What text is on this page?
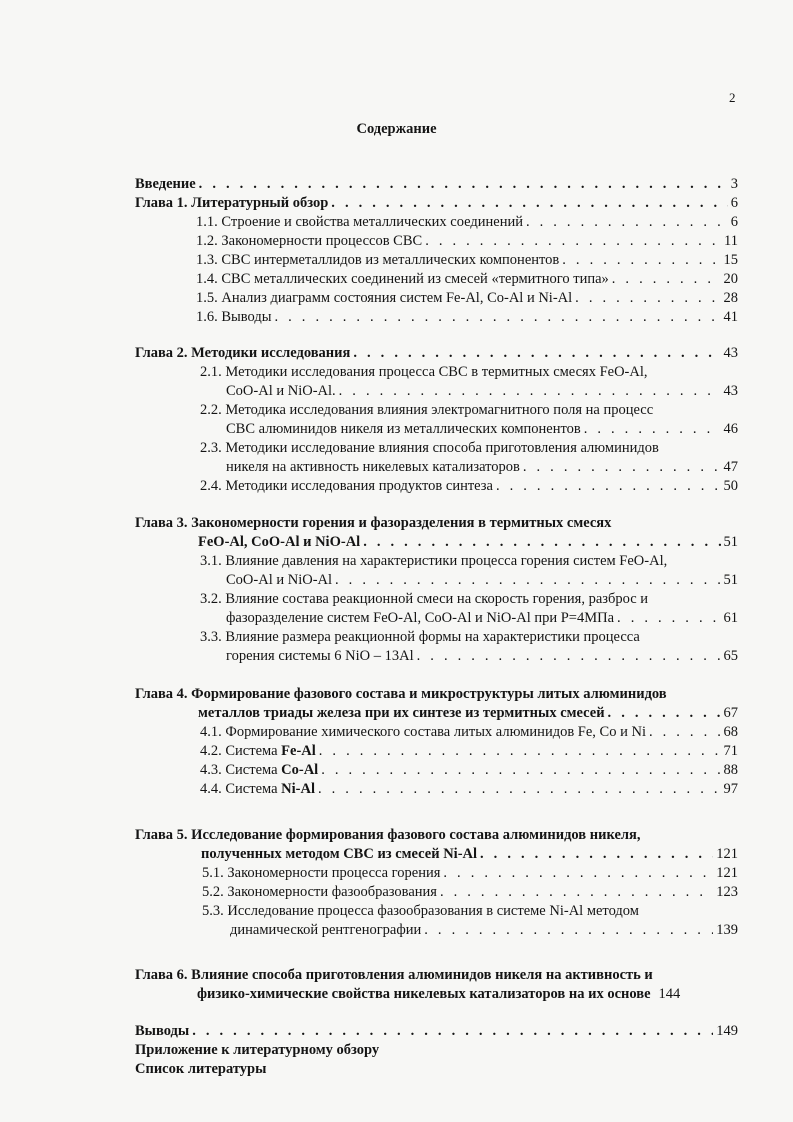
2
Содержание
Введение . . .	3
Глава 1. Литературный обзор . . .	6
1.1. Строение и свойства металлических соединений . . .	6
1.2. Закономерности процессов СВС . . .	11
1.3. СВС интерметаллидов из металлических компонентов . . .	15
1.4. СВС металлических соединений из смесей «термитного типа» . . .	20
1.5. Анализ диаграмм состояния систем Fe-Al, Co-Al и Ni-Al . . .	28
1.6. Выводы . . .	41
Глава 2. Методики исследования . . .	43
2.1. Методики исследования процесса СВС в термитных смесях FeO-Al,
CoO-Al и NiO-Al. . . .	43
2.2. Методика исследования влияния электромагнитного поля на процесс
СВС алюминидов никеля из металлических компонентов . . .	46
2.3. Методики исследование влияния способа приготовления алюминидов
никеля на активность никелевых катализаторов . . .	47
2.4. Методики исследования продуктов синтеза . . .	50
Глава 3. Закономерности горения и фазоразделения в термитных смесях
FeO-Al, CoO-Al и NiO-Al . . .	51
3.1. Влияние давления на характеристики процесса горения систем FeO-Al,
CoO-Al и NiO-Al . . .	51
3.2. Влияние состава реакционной смеси на скорость горения, разброс и
фазоразделение систем FeO-Al, CoO-Al и NiO-Al при P=4МПа . . .	61
3.3. Влияние размера реакционной формы на характеристики процесса
горения системы 6 NiO – 13Al . . .	65
Глава 4. Формирование фазового состава и микроструктуры литых алюминидов
металлов триады железа при их синтезе из термитных смесей . . .	67
4.1. Формирование химического состава литых алюминидов Fe, Co и Ni . . .	68
4.2. Система Fe-Al . . .	71
4.3. Система Co-Al . . .	88
4.4. Система Ni-Al . . .	97
Глава 5. Исследование формирования фазового состава алюминидов никеля,
полученных методом СВС из смесей Ni-Al . . .	121
5.1. Закономерности процесса горения . . .	121
5.2. Закономерности фазообразования . . .	123
5.3. Исследование процесса фазообразования в системе Ni-Al методом
динамической рентгенографии . . .	139
Глава 6. Влияние способа приготовления алюминидов никеля на активность и
физико-химические свойства никелевых катализаторов на их основе 144
Выводы . . .	149
Приложение к литературному обзору
Список литературы
